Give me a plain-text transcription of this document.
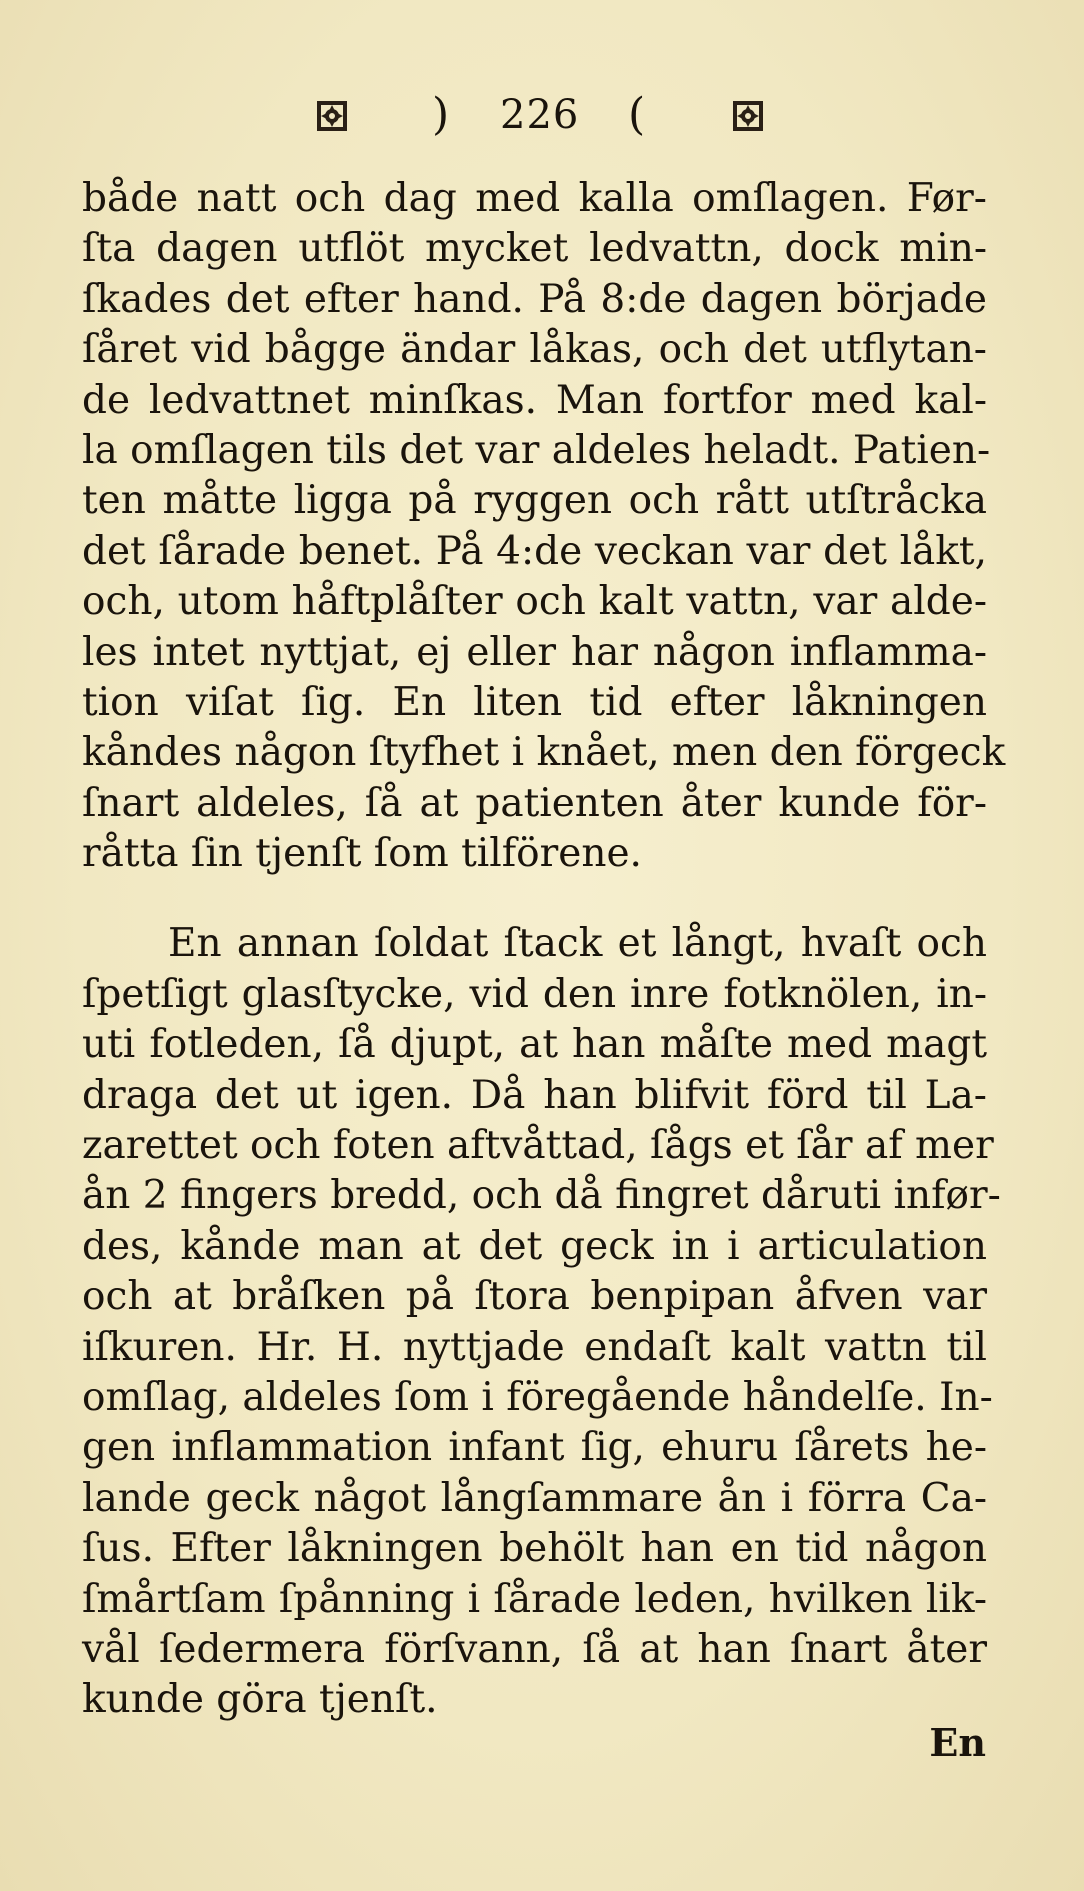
) 226 (
både natt och dag med kalla omſlagen. Før-
ſta dagen utflöt mycket ledvattn, dock min-
ſkades det efter hand. På 8:de dagen började
ſåret vid bågge ändar låkas, och det utflytan-
de ledvattnet minſkas. Man fortfor med kal-
la omſlagen tils det var aldeles heladt. Patien-
ten måtte ligga på ryggen och rått utſtråcka
det ſårade benet. På 4:de veckan var det låkt,
och, utom håftplåſter och kalt vattn, var alde-
les intet nyttjat, ej eller har någon inflamma-
tion viſat ſig. En liten tid efter låkningen
kåndes någon ſtyfhet i knået, men den förgeck
ſnart aldeles, ſå at patienten åter kunde för-
råtta ſin tjenſt ſom tilförene.
En annan ſoldat ſtack et långt, hvaſt och
ſpetſigt glasſtycke, vid den inre fotknölen, in-
uti fotleden, ſå djupt, at han måſte med magt
draga det ut igen. Då han blifvit förd til La-
zarettet och foten aftvåttad, ſågs et ſår af mer
ån 2 fingers bredd, och då fingret dåruti infør-
des, kånde man at det geck in i articulation
och at bråſken på ſtora benpipan åfven var
iſkuren. Hr. H. nyttjade endaſt kalt vattn til
omſlag, aldeles ſom i föregående håndelſe. In-
gen inflammation infant ſig, ehuru ſårets he-
lande geck något långſammare ån i förra Ca-
ſus. Efter låkningen behölt han en tid någon
ſmårtſam ſpånning i ſårade leden, hvilken lik-
vål ſedermera förſvann, ſå at han ſnart åter
kunde göra tjenſt.
En
